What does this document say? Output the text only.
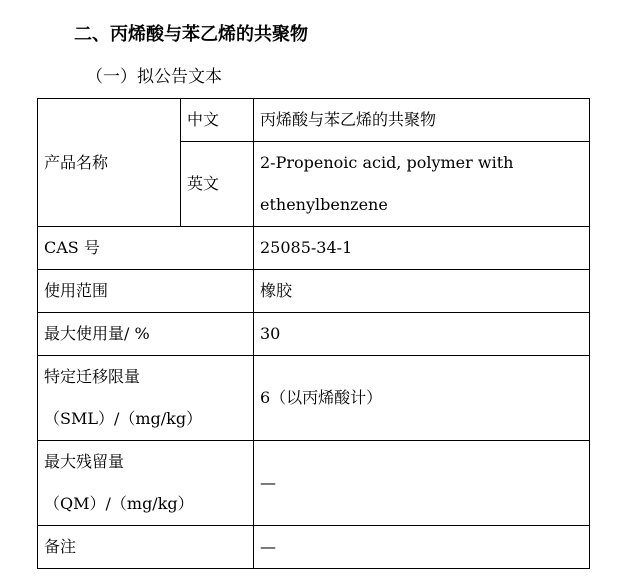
二、丙烯酸与苯乙烯的共聚物
（一）拟公告文本
产品名称	中文	丙烯酸与苯乙烯的共聚物
	英文	2-Propenoic acid, polymer with
ethenylbenzene

CAS 号		25085-34-1
使用范围		橡胶
最大使用量/ %		30

特定迁移限量
（SML）/（mg/kg）		6（以丙烯酸计）

最大残留量
（QM）/（mg/kg）		—
备注		—
